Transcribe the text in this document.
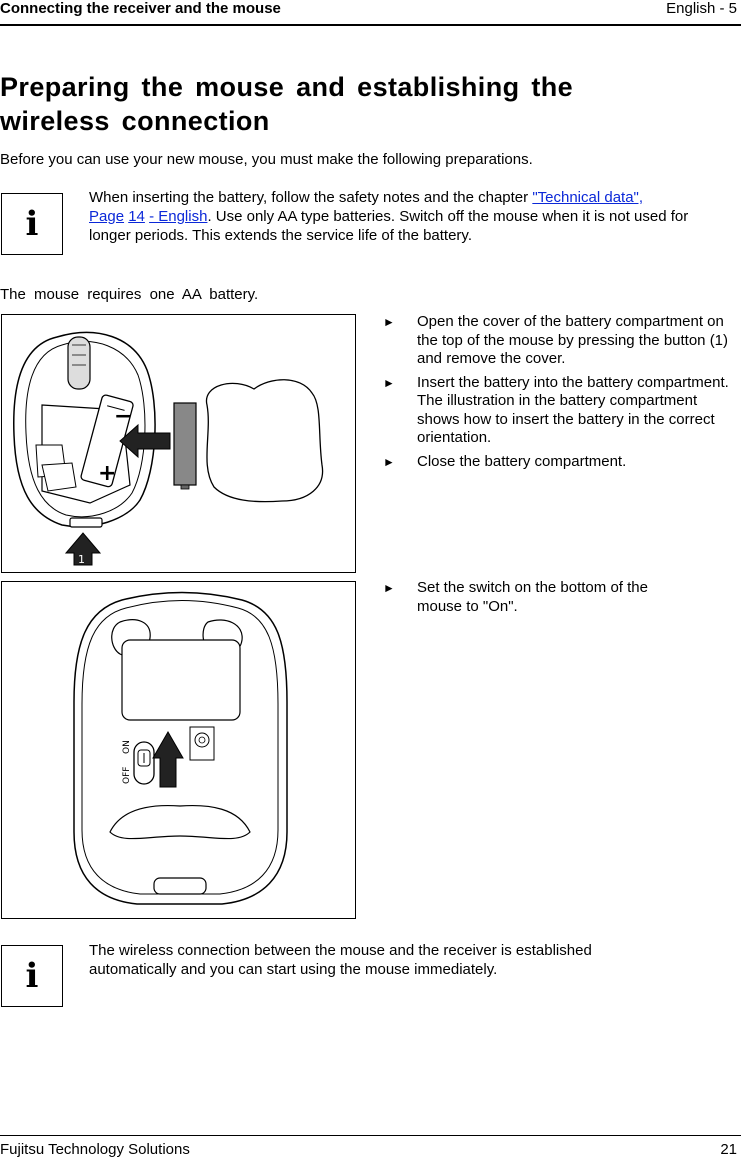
Connecting the receiver and the mouse	English - 5
Preparing the mouse and establishing the wireless connection
Before you can use your new mouse, you must make the following preparations.
i
When inserting the battery, follow the safety notes and the chapter "Technical data",
Page 14 - English. Use only AA type batteries. Switch off the mouse when it is not used for longer periods. This extends the service life of the battery.
The mouse requires one AA battery.
−
+
1
► Open the cover of the battery compartment on the top of the mouse by pressing the button (1) and remove the cover.
► Insert the battery into the battery compartment. The illustration in the battery compartment shows how to insert the battery in the correct orientation.
► Close the battery compartment.
ON
OFF
► Set the switch on the bottom of the mouse to "On".
i
The wireless connection between the mouse and the receiver is established automatically and you can start using the mouse immediately.
Fujitsu Technology Solutions	21
